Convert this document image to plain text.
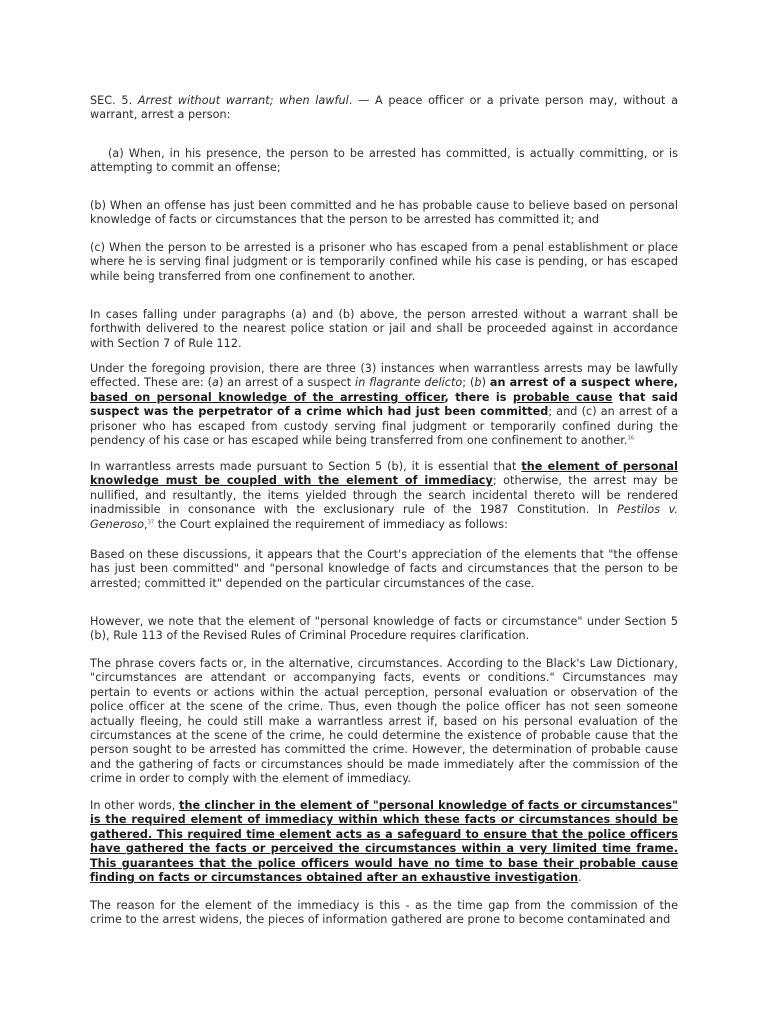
SEC. 5. Arrest without warrant; when lawful. — A peace officer or a private person may, without a warrant, arrest a person:

(a) When, in his presence, the person to be arrested has committed, is actually committing, or is attempting to commit an offense;

(b) When an offense has just been committed and he has probable cause to believe based on personal knowledge of facts or circumstances that the person to be arrested has committed it; and

(c) When the person to be arrested is a prisoner who has escaped from a penal establishment or place where he is serving final judgment or is temporarily confined while his case is pending, or has escaped while being transferred from one confinement to another.

In cases falling under paragraphs (a) and (b) above, the person arrested without a warrant shall be forthwith delivered to the nearest police station or jail and shall be proceeded against in accordance with Section 7 of Rule 112.

Under the foregoing provision, there are three (3) instances when warrantless arrests may be lawfully effected. These are: (a) an arrest of a suspect in flagrante delicto; (b) an arrest of a suspect where, based on personal knowledge of the arresting officer, there is probable cause that said suspect was the perpetrator of a crime which had just been committed; and (c) an arrest of a prisoner who has escaped from custody serving final judgment or temporarily confined during the pendency of his case or has escaped while being transferred from one confinement to another.$^{36}$

In warrantless arrests made pursuant to Section 5 (b), it is essential that the element of personal knowledge must be coupled with the element of immediacy; otherwise, the arrest may be nullified, and resultantly, the items yielded through the search incidental thereto will be rendered inadmissible in consonance with the exclusionary rule of the 1987 Constitution. In Pestilos v. Generoso,$^{37}$ the Court explained the requirement of immediacy as follows:

Based on these discussions, it appears that the Court's appreciation of the elements that "the offense has just been committed" and "personal knowledge of facts and circumstances that the person to be arrested; committed it" depended on the particular circumstances of the case.

However, we note that the element of "personal knowledge of facts or circumstance" under Section 5 (b), Rule 113 of the Revised Rules of Criminal Procedure requires clarification.

The phrase covers facts or, in the alternative, circumstances. According to the Black's Law Dictionary, "circumstances are attendant or accompanying facts, events or conditions." Circumstances may pertain to events or actions within the actual perception, personal evaluation or observation of the police officer at the scene of the crime. Thus, even though the police officer has not seen someone actually fleeing, he could still make a warrantless arrest if, based on his personal evaluation of the circumstances at the scene of the crime, he could determine the existence of probable cause that the person sought to be arrested has committed the crime. However, the determination of probable cause and the gathering of facts or circumstances should be made immediately after the commission of the crime in order to comply with the element of immediacy.

In other words, the clincher in the element of "personal knowledge of facts or circumstances" is the required element of immediacy within which these facts or circumstances should be gathered. This required time element acts as a safeguard to ensure that the police officers have gathered the facts or perceived the circumstances within a very limited time frame. This guarantees that the police officers would have no time to base their probable cause finding on facts or circumstances obtained after an exhaustive investigation.

The reason for the element of the immediacy is this - as the time gap from the commission of the crime to the arrest widens, the pieces of information gathered are prone to become contaminated and
